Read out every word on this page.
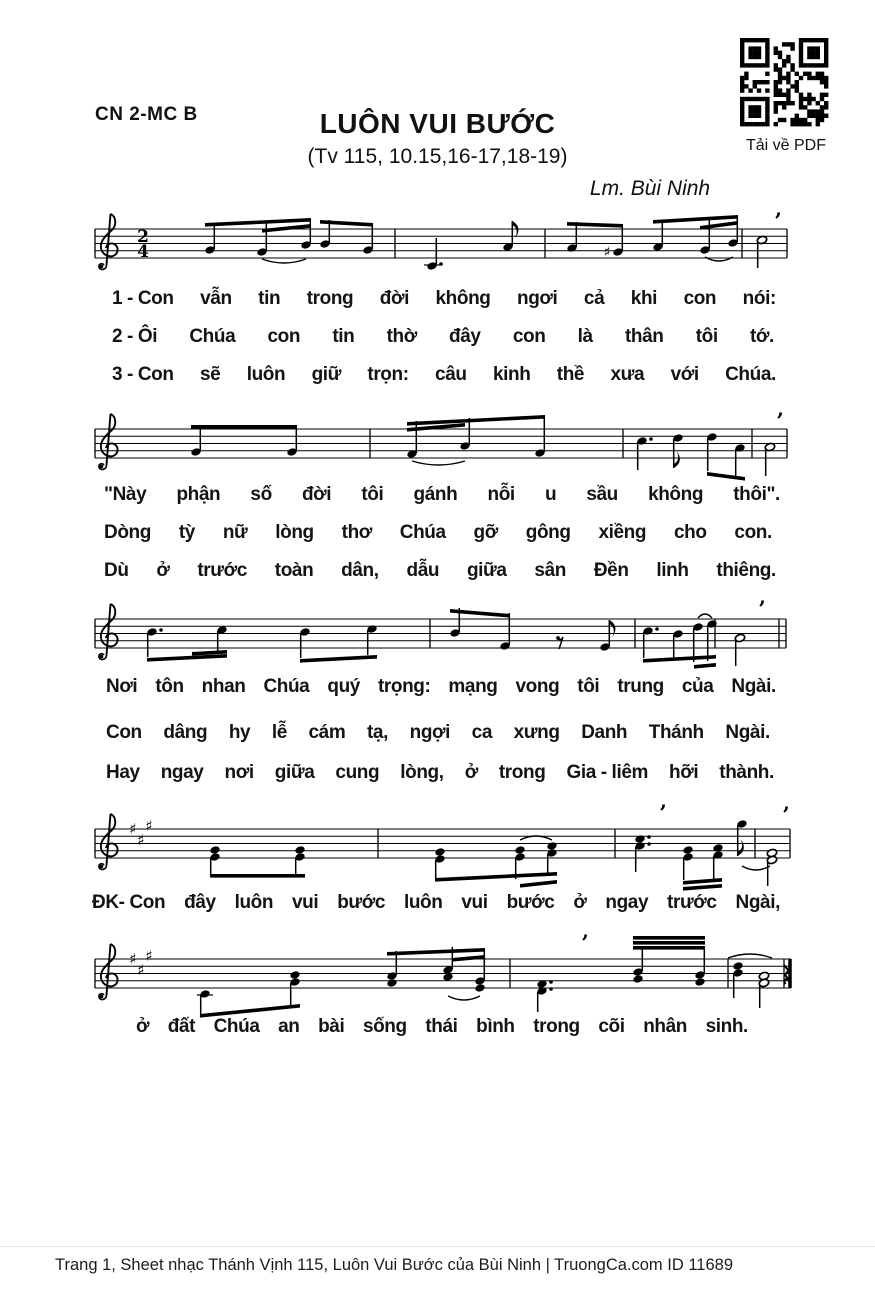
CN 2-MC B	LUÔN VUI BƯỚC
(Tv 115, 10.15,16-17,18-19)
Lm. Bùi Ninh
Tải về PDF
2
4	♯
’
’
’
♯
♯
♯
’	’
♯
♯
♯
’
1 - Con vẫn tin trong đời không ngơi cả khi con nói:
2 - Ôi Chúa con tin thờ đây con là thân tôi tớ.
3 - Con sẽ luôn giữ trọn: câu kinh thề xưa với Chúa.
"Này phận số đời tôi gánh nỗi u sầu không thôi".
Dòng tỳ nữ lòng thơ Chúa gỡ gông xiềng cho con.
Dù ở trước toàn dân, dẫu giữa sân Đền linh thiêng.
Nơi tôn nhan Chúa quý trọng: mạng vong tôi trung của Ngài.
Con dâng hy lễ cám tạ, ngợi ca xưng Danh Thánh Ngài.
Hay ngay nơi giữa cung lòng, ở trong Gia - liêm hỡi thành.
ĐK- Con đây luôn vui bước luôn vui bước ở ngay trước Ngài,
ở đất Chúa an bài sống thái bình trong cõi nhân sinh.
Trang 1, Sheet nhạc Thánh Vịnh 115, Luôn Vui Bước của Bùi Ninh | TruongCa.com ID 11689
